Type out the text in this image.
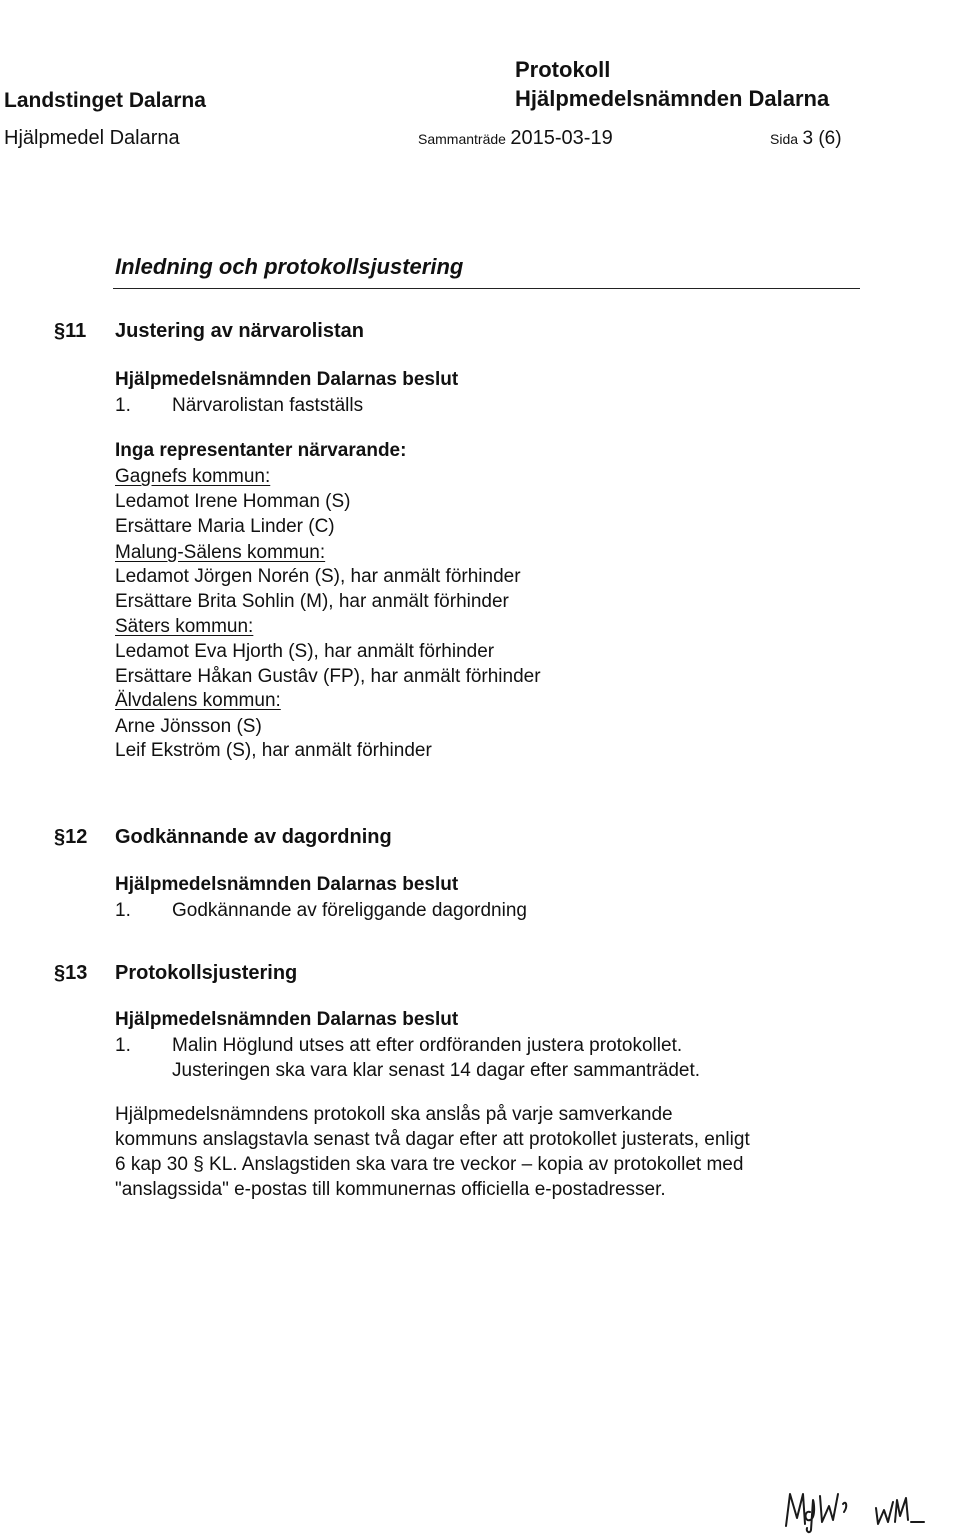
Landstinget Dalarna
Hjälpmedel Dalarna
Protokoll
Hjälpmedelsnämnden Dalarna
Sammanträde 2015-03-19	Sida 3 (6)
Inledning och protokollsjustering
§11 Justering av närvarolistan
Hjälpmedelsnämnden Dalarnas beslut
1. Närvarolistan fastställs
Inga representanter närvarande:
Gagnefs kommun:
Ledamot Irene Homman (S)
Ersättare Maria Linder (C)
Malung-Sälens kommun:
Ledamot Jörgen Norén (S), har anmält förhinder
Ersättare Brita Sohlin (M), har anmält förhinder
Säters kommun:
Ledamot Eva Hjorth (S), har anmält förhinder
Ersättare Håkan Gustâv (FP), har anmält förhinder
Älvdalens kommun:
Arne Jönsson (S)
Leif Ekström (S), har anmält förhinder
§12 Godkännande av dagordning
Hjälpmedelsnämnden Dalarnas beslut
1. Godkännande av föreliggande dagordning
§13 Protokollsjustering
Hjälpmedelsnämnden Dalarnas beslut
1. Malin Höglund utses att efter ordföranden justera protokollet.
Justeringen ska vara klar senast 14 dagar efter sammanträdet.
Hjälpmedelsnämndens protokoll ska anslås på varje samverkande
kommuns anslagstavla senast två dagar efter att protokollet justerats, enligt
6 kap 30 § KL. Anslagstiden ska vara tre veckor – kopia av protokollet med
"anslagssida" e-postas till kommunernas officiella e-postadresser.
